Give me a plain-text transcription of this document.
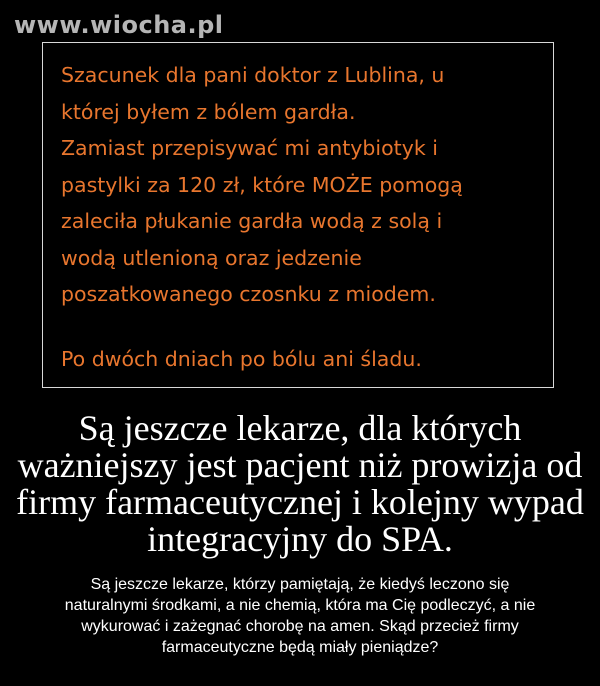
www.wiocha.pl
Szacunek dla pani doktor z Lublina, u
której byłem z bólem gardła.
Zamiast przepisywać mi antybiotyk i
pastylki za 120 zł, które MOŻE pomogą
zaleciła płukanie gardła wodą z solą i
wodą utlenioną oraz jedzenie
poszatkowanego czosnku z miodem.
Po dwóch dniach po bólu ani śladu.
Są jeszcze lekarze, dla których
ważniejszy jest pacjent niż prowizja od
firmy farmaceutycznej i kolejny wypad
integracyjny do SPA.
Są jeszcze lekarze, którzy pamiętają, że kiedyś leczono się
naturalnymi środkami, a nie chemią, która ma Cię podleczyć, a nie
wykurować i zażegnać chorobę na amen. Skąd przecież firmy
farmaceutyczne będą miały pieniądze?
